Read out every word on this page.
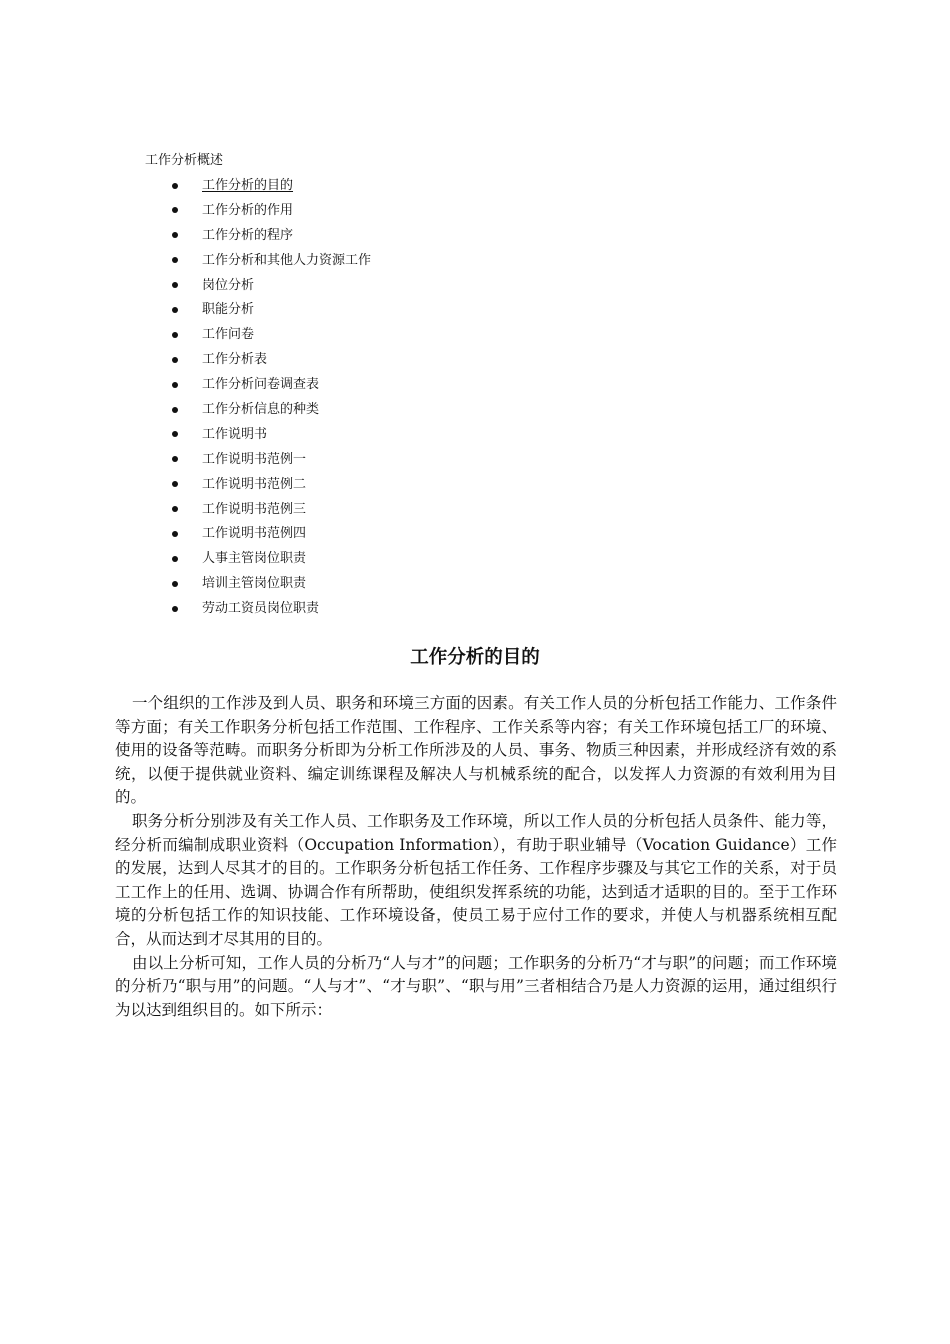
工作分析概述
工作分析的目的
工作分析的作用
工作分析的程序
工作分析和其他人力资源工作
岗位分析
职能分析
工作问卷
工作分析表
工作分析问卷调查表
工作分析信息的种类
工作说明书
工作说明书范例一
工作说明书范例二
工作说明书范例三
工作说明书范例四
人事主管岗位职责
培训主管岗位职责
劳动工资员岗位职责
工作分析的目的

一个组织的工作涉及到人员、职务和环境三方面的因素。有关工作人员的分析包括工作能力、工作条件等方面；有关工作职务分析包括工作范围、工作程序、工作关系等内容；有关工作环境包括工厂的环境、使用的设备等范畴。而职务分析即为分析工作所涉及的人员、事务、物质三种因素，并形成经济有效的系统，以便于提供就业资料、编定训练课程及解决人与机械系统的配合，以发挥人力资源的有效利用为目的。

职务分析分别涉及有关工作人员、工作职务及工作环境，所以工作人员的分析包括人员条件、能力等，经分析而编制成职业资料（Occupation Information），有助于职业辅导（Vocation Guidance）工作的发展，达到人尽其才的目的。工作职务分析包括工作任务、工作程序步骤及与其它工作的关系，对于员工工作上的任用、选调、协调合作有所帮助，使组织发挥系统的功能，达到适才适职的目的。至于工作环境的分析包括工作的知识技能、工作环境设备，使员工易于应付工作的要求，并使人与机器系统相互配合，从而达到才尽其用的目的。

由以上分析可知，工作人员的分析乃“人与才”的问题；工作职务的分析乃“才与职”的问题；而工作环境的分析乃“职与用”的问题。“人与才”、“才与职”、“职与用”三者相结合乃是人力资源的运用，通过组织行为以达到组织目的。如下所示：
